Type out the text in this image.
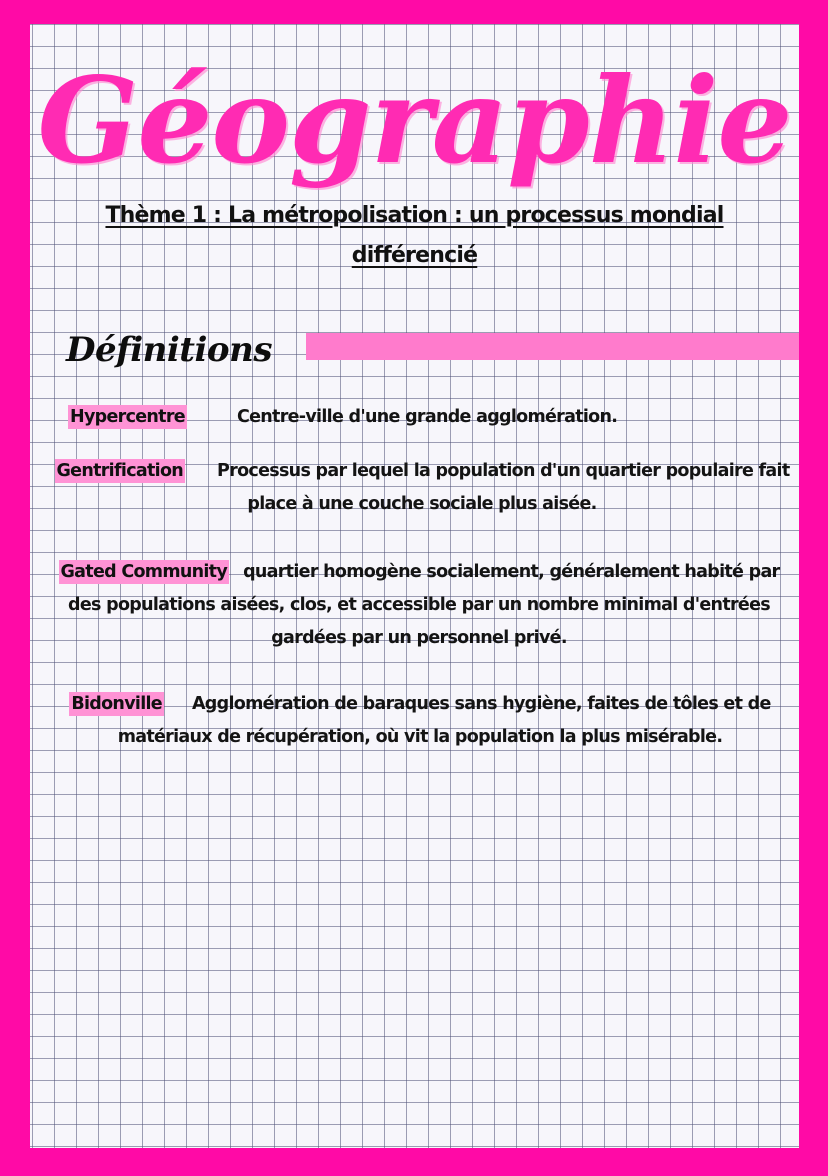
Géographie
Thème 1 : La métropolisation : un processus mondial différencié
Définitions

Hypercentre	Centre-ville d'une grande agglomération.

Gentrification Processus par lequel la population d'un quartier populaire fait place à une couche sociale plus aisée.

Gated Community quartier homogène socialement, généralement habité par des populations aisées, clos, et accessible par un nombre minimal d'entrées gardées par un personnel privé.

Bidonville Agglomération de baraques sans hygiène, faites de tôles et de matériaux de récupération, où vit la population la plus misérable.
